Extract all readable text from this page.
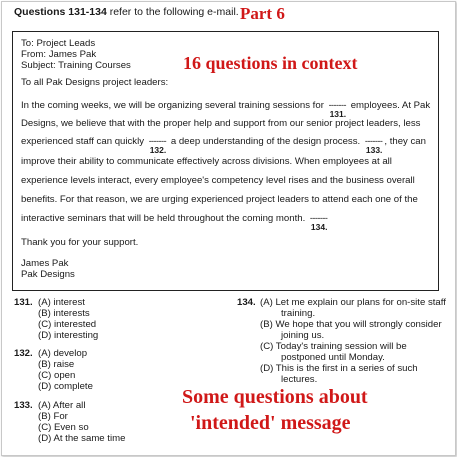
Questions 131-134 refer to the following e-mail. Part 6
To: Project Leads
From: James Pak
Subject: Training Courses	16 questions in context
To all Pak Designs project leaders:
In the coming weeks, we will be organizing several training sessions for -------
131.
employees. At Pak
Designs, we believe that with the proper help and support from our senior project leaders, less
experienced staff can quickly -------
132.
a deep understanding of the design process. -------
133.
, they can
improve their ability to communicate effectively across divisions. When employees at all
experience levels interact, every employee's competency level rises and the business overall
benefits. For that reason, we are urging experienced project leaders to attend each one of the
interactive seminars that will be held throughout the coming month. -------
134.
Thank you for your support.
James Pak
Pak Designs
131. (A) interest
(B) interests
(C) interested
(D) interesting
132. (A) develop
(B) raise
(C) open
(D) complete
133. (A) After all
(B) For
(C) Even so
(D) At the same time
134. (A) Let me explain our plans for on-site staff
training.
(B) We hope that you will strongly consider
joining us.
(C) Today's training session will be
postponed until Monday.
(D) This is the first in a series of such
lectures.
Some questions about
'intended' message
